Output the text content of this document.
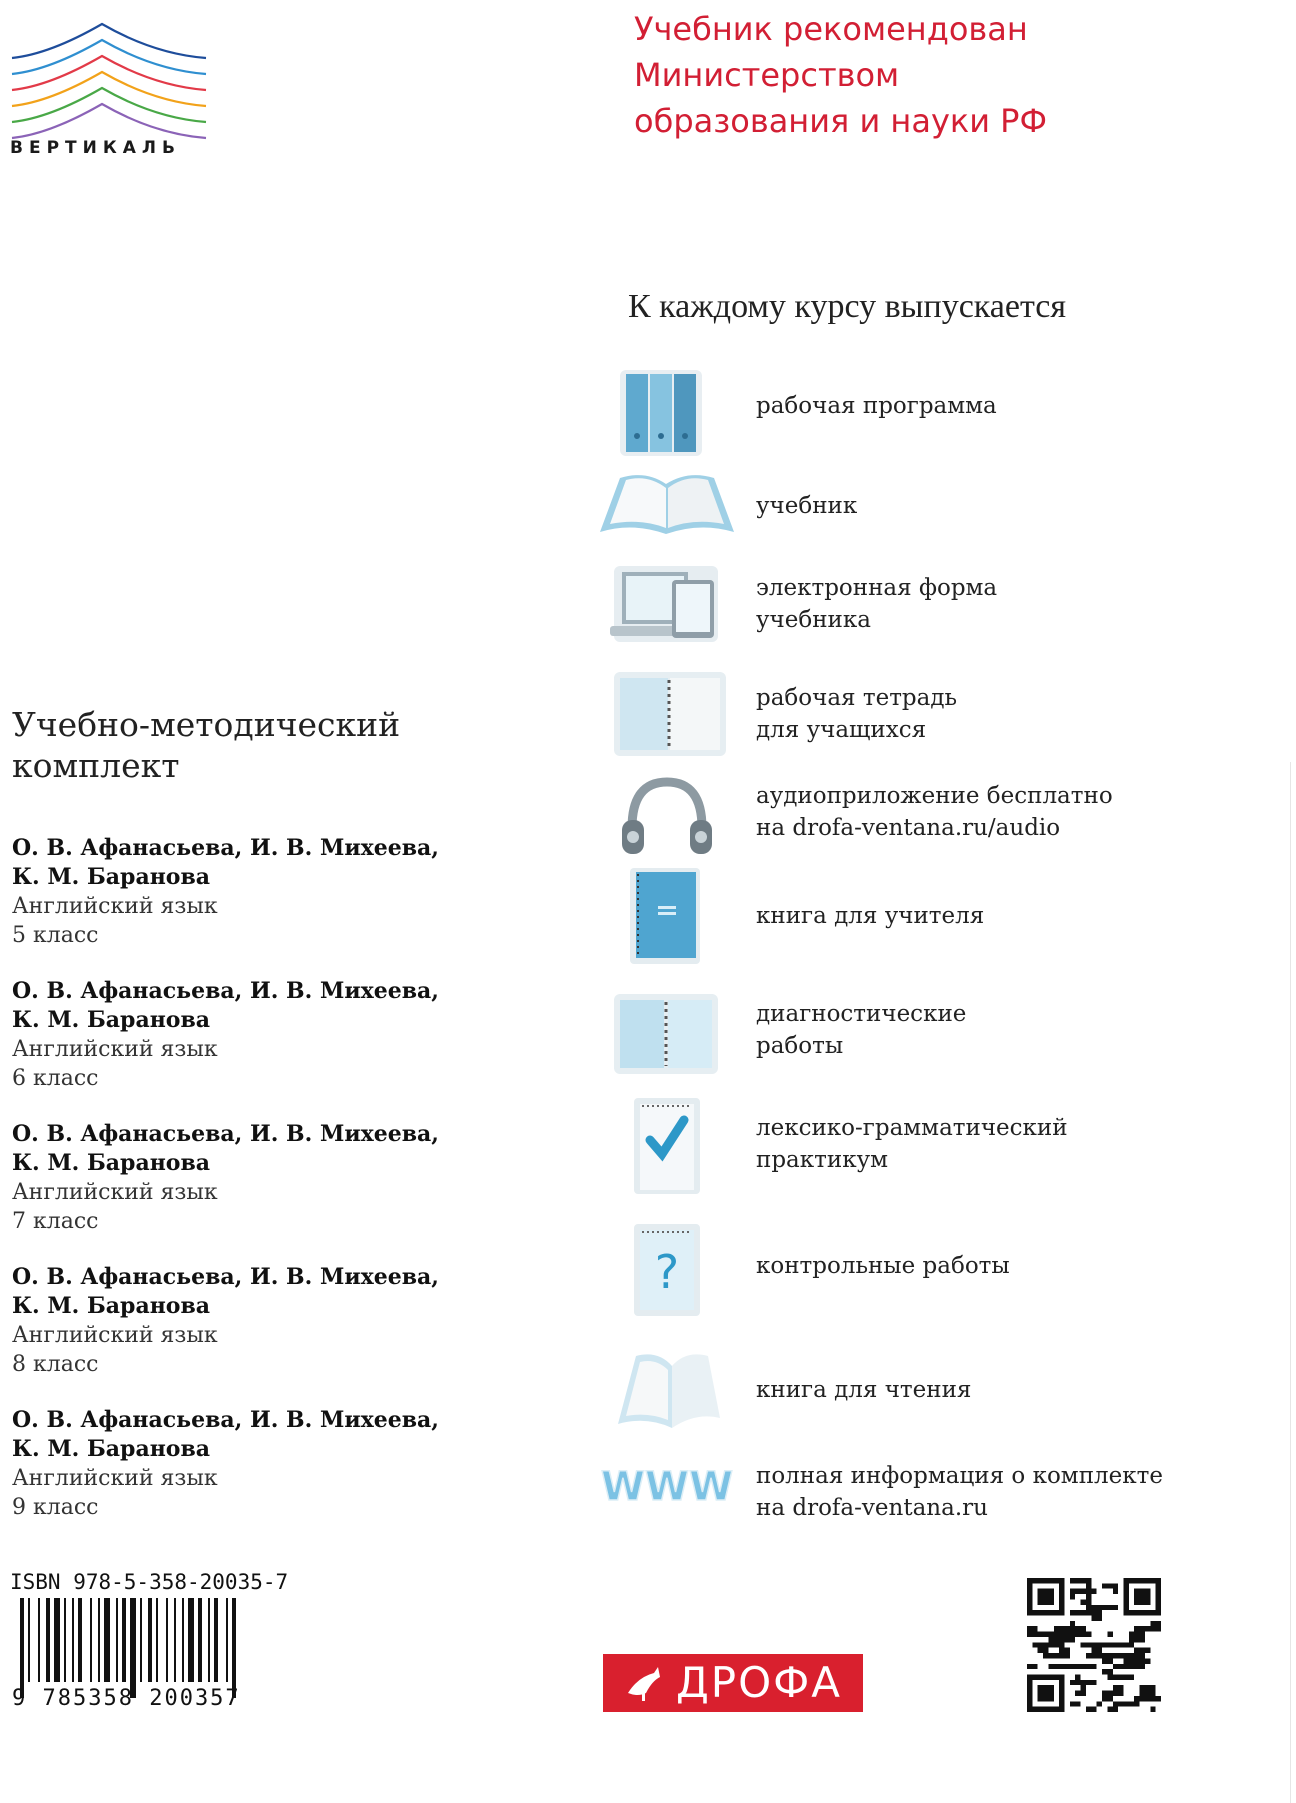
ВЕРТИКАЛЬ
Учебник рекомендован
Министерством
образования и науки РФ
К каждому курсу выпускается
рабочая программа
учебник
электронная форма
учебника
рабочая тетрадь
для учащихся
аудиоприложение бесплатно
на drofa-ventana.ru/audio
книга для учителя
диагностические
работы
лексико-грамматический
практикум
?	контрольные работы
книга для чтения
WWW полная информация о комплекте
на drofa-ventana.ru
Учебно-методический
комплект
О. В. Афанасьева, И. В. Михеева,
К. М. Баранова
Английский язык
5 класс
О. В. Афанасьева, И. В. Михеева,
К. М. Баранова
Английский язык
6 класс
О. В. Афанасьева, И. В. Михеева,
К. М. Баранова
Английский язык
7 класс
О. В. Афанасьева, И. В. Михеева,
К. М. Баранова
Английский язык
8 класс
О. В. Афанасьева, И. В. Михеева,
К. М. Баранова
Английский язык
9 класс
ISBN 978-5-358-20035-7
9 785358 200357	ДРОФА
